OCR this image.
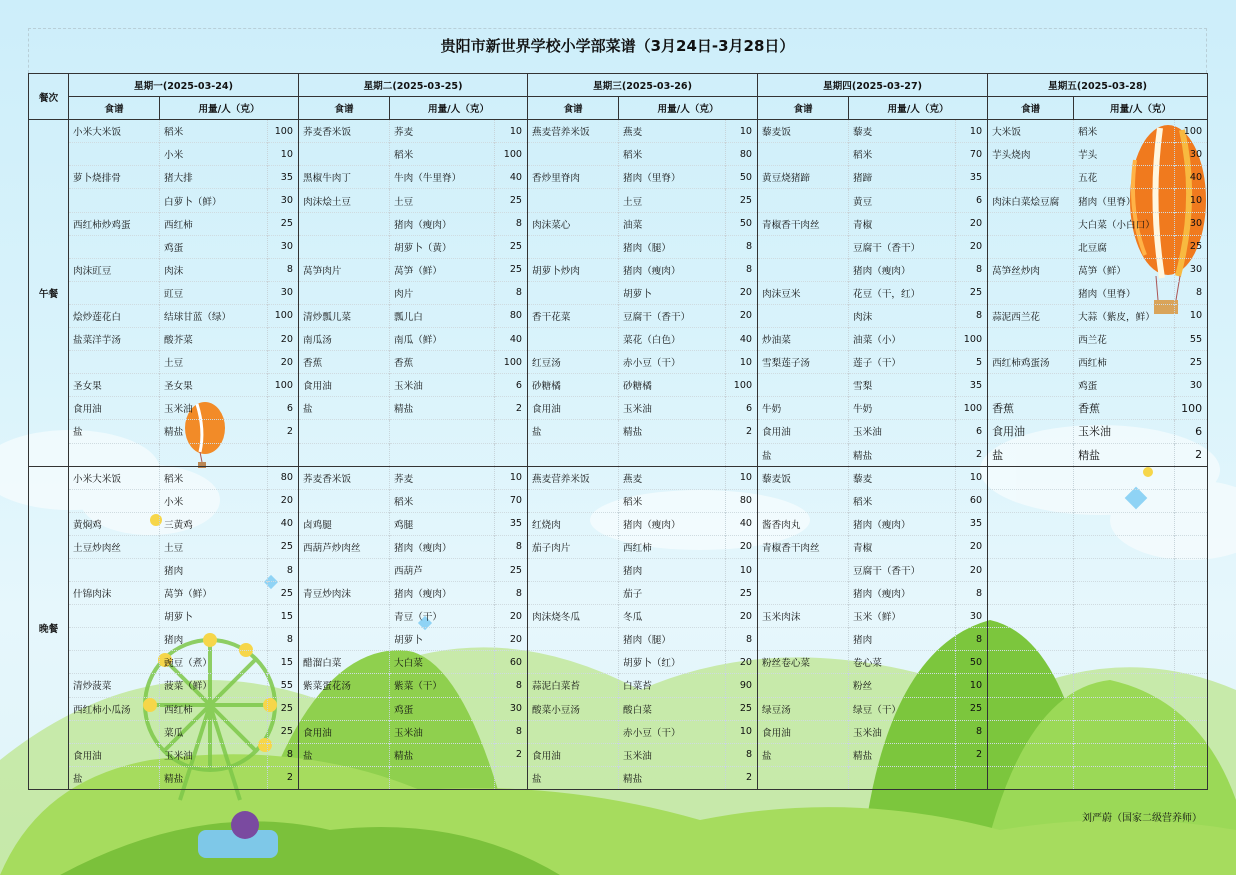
贵阳市新世界学校小学部菜谱（3月24日-3月28日）
餐次	星期一(2025-03-24)			星期二(2025-03-25)			星期三(2025-03-26)			星期四(2025-03-27)			星期五(2025-03-28)		
	食谱	用量/人（克）		食谱	用量/人（克）		食谱	用量/人（克）		食谱	用量/人（克）		食谱	用量/人（克）	
午餐	小米大米饭	稻米	100	荞麦香米饭	荞麦	10	燕麦营养米饭	燕麦	10	藜麦饭	藜麦	10	大米饭	稻米	100
		小米	10		稻米	100		稻米	80		稻米	70	芋头烧肉	芋头	30
	萝卜烧排骨	猪大排	35	黑椒牛肉丁	牛肉（牛里脊）	40	香炒里脊肉	猪肉（里脊）	50	黄豆烧猪蹄	猪蹄	35		五花	40
		白萝卜（鲜）	30	肉沫烩土豆	土豆	25		土豆	25		黄豆	6	肉沫白菜烩豆腐	猪肉（里脊）	10
	西红柿炒鸡蛋	西红柿	25		猪肉（瘦肉）	8	肉沫菜心	油菜	50	青椒香干肉丝	青椒	20		大白菜（小白口）	30
		鸡蛋	30		胡萝卜（黄）	25		猪肉（腿）	8		豆腐干（香干）	20		北豆腐	25
	肉沫豇豆	肉沫	8	莴笋肉片	莴笋（鲜）	25	胡萝卜炒肉	猪肉（瘦肉）	8		猪肉（瘦肉）	8	莴笋丝炒肉	莴笋（鲜）	30
		豇豆	30		肉片	8		胡萝卜	20	肉沫豆米	花豆（干，红）	25		猪肉（里脊）	8
	烩炒莲花白	结球甘蓝（绿）	100	清炒瓢儿菜	瓢儿白	80	香干花菜	豆腐干（香干）	20		肉沫	8	蒜泥西兰花	大蒜（紫皮，鲜）	10
	盐菜洋芋汤	酸芥菜	20	南瓜汤	南瓜（鲜）	40		菜花（白色）	40	炒油菜	油菜（小）	100		西兰花	55
		土豆	20	香蕉	香蕉	100	红豆汤	赤小豆（干）	10	雪梨莲子汤	莲子（干）	5	西红柿鸡蛋汤	西红柿	25
	圣女果	圣女果	100	食用油	玉米油	6	砂糖橘	砂糖橘	100		雪梨	35		鸡蛋	30
	食用油	玉米油	6	盐	精盐	2	食用油	玉米油	6	牛奶	牛奶	100	香蕉	香蕉	100
	盐	精盐	2				盐	精盐	2	食用油	玉米油	6	食用油	玉米油	6
										盐	精盐	2	盐	精盐	2
晚餐	小米大米饭	稻米	80	荞麦香米饭	荞麦	10	燕麦营养米饭	燕麦	10	藜麦饭	藜麦	10			
		小米	20		稻米	70		稻米	80		稻米	60			
	黄焖鸡	三黄鸡	40	卤鸡腿	鸡腿	35	红烧肉	猪肉（瘦肉）	40	酱香肉丸	猪肉（瘦肉）	35			
	土豆炒肉丝	土豆	25	西葫芦炒肉丝	猪肉（瘦肉）	8	茄子肉片	西红柿	20	青椒香干肉丝	青椒	20			
		猪肉	8		西葫芦	25		猪肉	10		豆腐干（香干）	20			
	什锦肉沫	莴笋（鲜）	25	青豆炒肉沫	猪肉（瘦肉）	8		茄子	25		猪肉（瘦肉）	8			
		胡萝卜	15		青豆（干）	20	肉沫烧冬瓜	冬瓜	20	玉米肉沫	玉米（鲜）	30			
		猪肉	8		胡萝卜	20		猪肉（腿）	8		猪肉	8			
		豌豆（煮）	15	醋溜白菜	大白菜	60		胡萝卜（红）	20	粉丝卷心菜	卷心菜	50			
	清炒菠菜	菠菜（鲜）	55	紫菜蛋花汤	紫菜（干）	8	蒜泥白菜苔	白菜苔	90		粉丝	10			
	西红柿小瓜汤	西红柿	25		鸡蛋	30	酸菜小豆汤	酸白菜	25	绿豆汤	绿豆（干）	25			
		菜瓜	25	食用油	玉米油	8		赤小豆（干）	10	食用油	玉米油	8			
	食用油	玉米油	8	盐	精盐	2	食用油	玉米油	8	盐	精盐	2			
	盐	精盐	2				盐	精盐	2						
刘严蔚（国家二级营养师）
